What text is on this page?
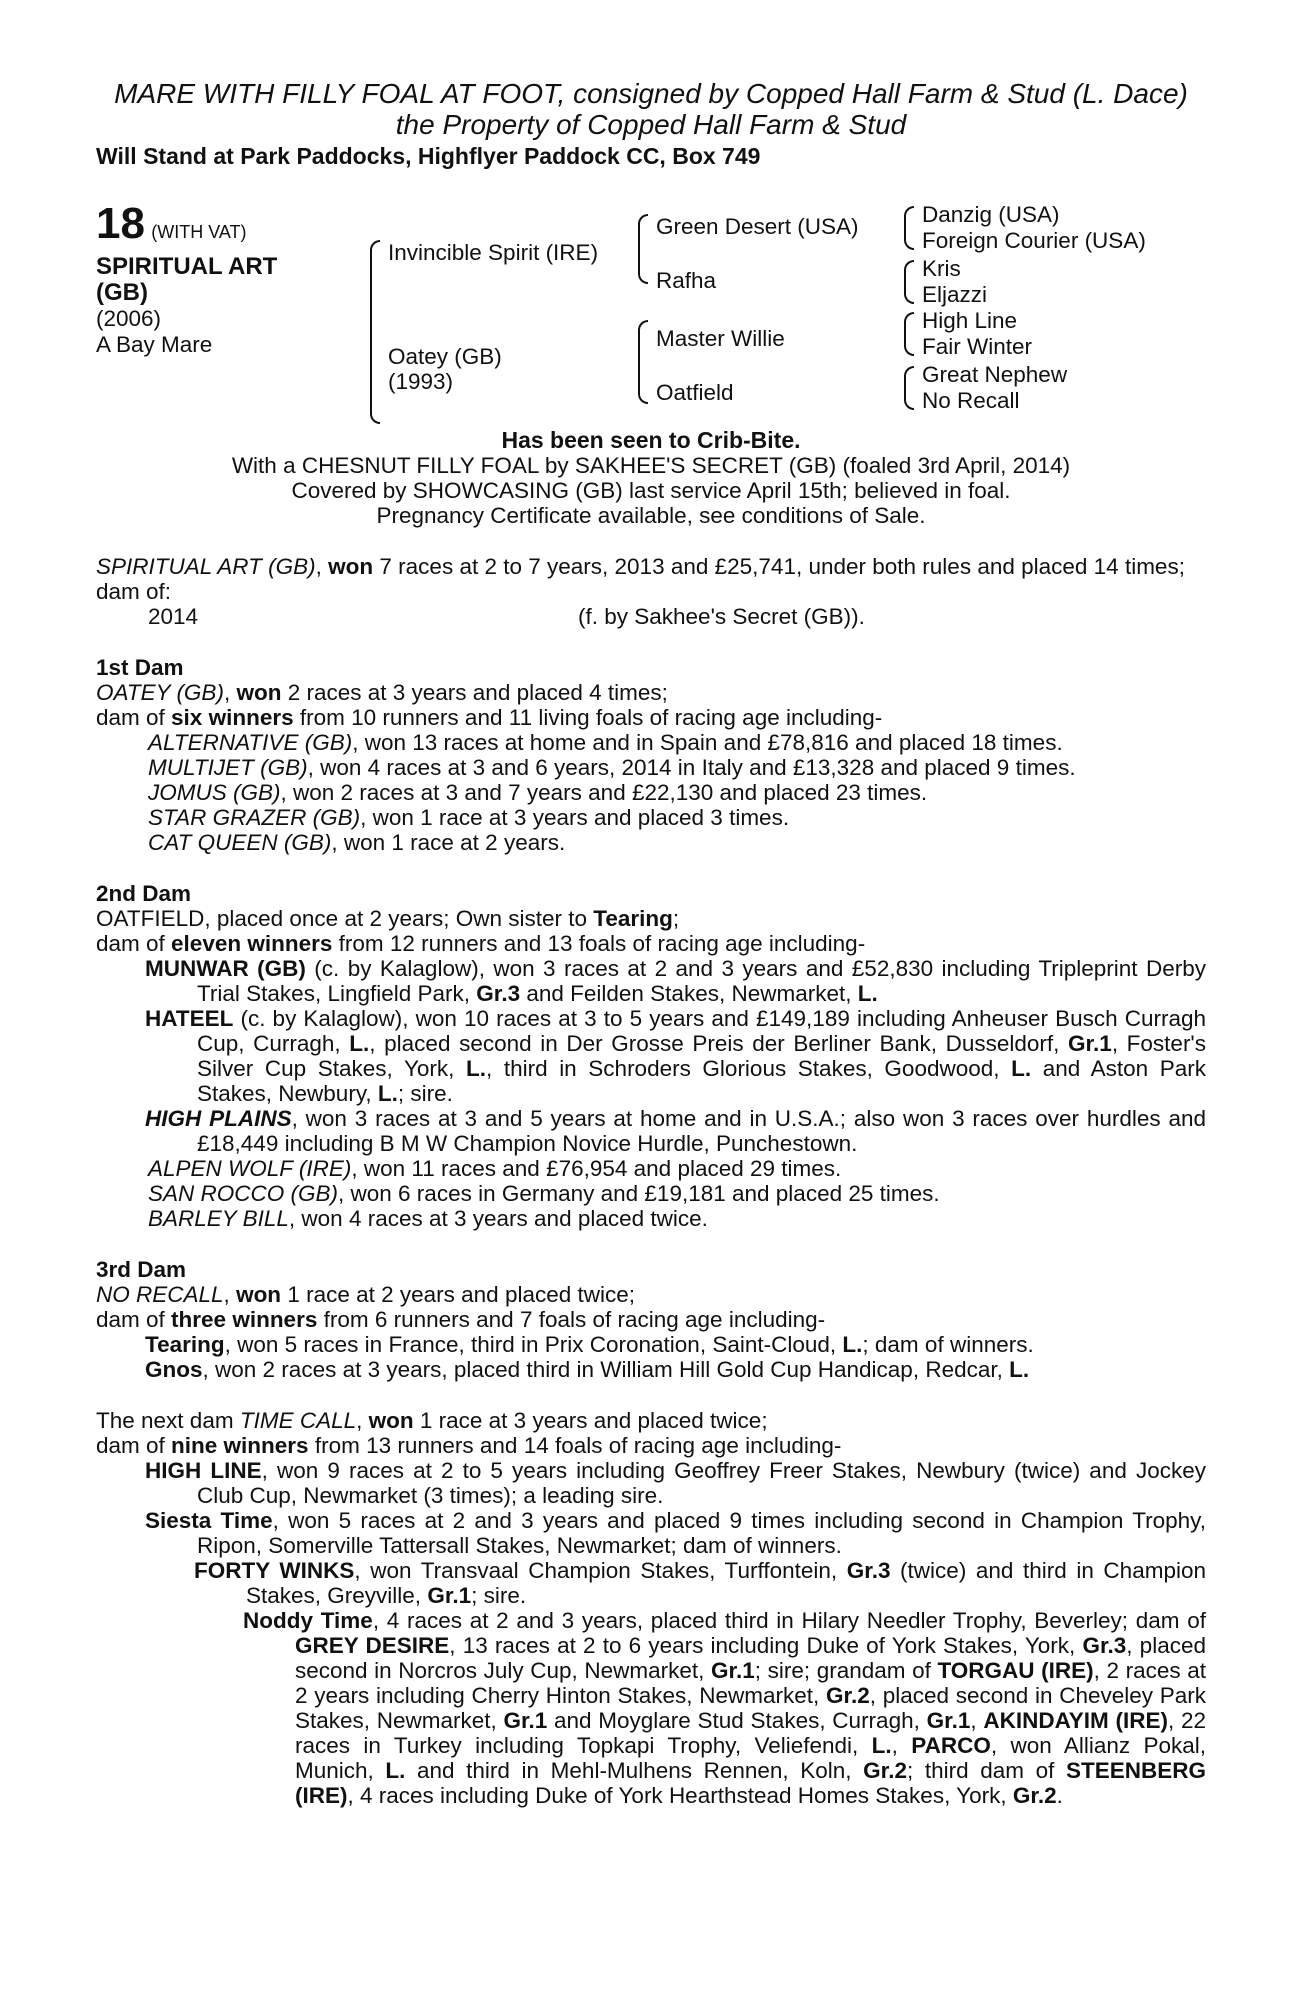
MARE WITH FILLY FOAL AT FOOT, consigned by Copped Hall Farm & Stud (L. Dace)
the Property of Copped Hall Farm & Stud
Will Stand at Park Paddocks, Highflyer Paddock CC, Box 749
18 (WITH VAT)
SPIRITUAL ART
(GB)
(2006)
A Bay Mare
Invincible Spirit (IRE)
Oatey (GB)
(1993)
Green Desert (USA)
Rafha
Master Willie
Oatfield
Danzig (USA)
Foreign Courier (USA)
Kris
Eljazzi
High Line
Fair Winter
Great Nephew
No Recall
Has been seen to Crib-Bite.
With a CHESNUT FILLY FOAL by SAKHEE'S SECRET (GB) (foaled 3rd April, 2014)
Covered by SHOWCASING (GB) last service April 15th; believed in foal.
Pregnancy Certificate available, see conditions of Sale.
SPIRITUAL ART (GB), won 7 races at 2 to 7 years, 2013 and £25,741, under both rules and placed 14 times;
dam of:
2014	(f. by Sakhee's Secret (GB)).
1st Dam
OATEY (GB), won 2 races at 3 years and placed 4 times;
dam of six winners from 10 runners and 11 living foals of racing age including-
ALTERNATIVE (GB), won 13 races at home and in Spain and £78,816 and placed 18 times.
MULTIJET (GB), won 4 races at 3 and 6 years, 2014 in Italy and £13,328 and placed 9 times.
JOMUS (GB), won 2 races at 3 and 7 years and £22,130 and placed 23 times.
STAR GRAZER (GB), won 1 race at 3 years and placed 3 times.
CAT QUEEN (GB), won 1 race at 2 years.
2nd Dam
OATFIELD, placed once at 2 years; Own sister to Tearing;
dam of eleven winners from 12 runners and 13 foals of racing age including-
MUNWAR (GB) (c. by Kalaglow), won 3 races at 2 and 3 years and £52,830 including Tripleprint Derby Trial Stakes, Lingfield Park, Gr.3 and Feilden Stakes, Newmarket, L.
HATEEL (c. by Kalaglow), won 10 races at 3 to 5 years and £149,189 including Anheuser Busch Curragh Cup, Curragh, L., placed second in Der Grosse Preis der Berliner Bank, Dusseldorf, Gr.1, Foster's Silver Cup Stakes, York, L., third in Schroders Glorious Stakes, Goodwood, L. and Aston Park Stakes, Newbury, L.; sire.
HIGH PLAINS, won 3 races at 3 and 5 years at home and in U.S.A.; also won 3 races over hurdles and £18,449 including B M W Champion Novice Hurdle, Punchestown.
ALPEN WOLF (IRE), won 11 races and £76,954 and placed 29 times.
SAN ROCCO (GB), won 6 races in Germany and £19,181 and placed 25 times.
BARLEY BILL, won 4 races at 3 years and placed twice.
3rd Dam
NO RECALL, won 1 race at 2 years and placed twice;
dam of three winners from 6 runners and 7 foals of racing age including-
Tearing, won 5 races in France, third in Prix Coronation, Saint-Cloud, L.; dam of winners.
Gnos, won 2 races at 3 years, placed third in William Hill Gold Cup Handicap, Redcar, L.
The next dam TIME CALL, won 1 race at 3 years and placed twice;
dam of nine winners from 13 runners and 14 foals of racing age including-
HIGH LINE, won 9 races at 2 to 5 years including Geoffrey Freer Stakes, Newbury (twice) and Jockey Club Cup, Newmarket (3 times); a leading sire.
Siesta Time, won 5 races at 2 and 3 years and placed 9 times including second in Champion Trophy, Ripon, Somerville Tattersall Stakes, Newmarket; dam of winners.
FORTY WINKS, won Transvaal Champion Stakes, Turffontein, Gr.3 (twice) and third in Champion Stakes, Greyville, Gr.1; sire.
Noddy Time, 4 races at 2 and 3 years, placed third in Hilary Needler Trophy, Beverley; dam of GREY DESIRE, 13 races at 2 to 6 years including Duke of York Stakes, York, Gr.3, placed second in Norcros July Cup, Newmarket, Gr.1; sire; grandam of TORGAU (IRE), 2 races at 2 years including Cherry Hinton Stakes, Newmarket, Gr.2, placed second in Cheveley Park Stakes, Newmarket, Gr.1 and Moyglare Stud Stakes, Curragh, Gr.1, AKINDAYIM (IRE), 22 races in Turkey including Topkapi Trophy, Veliefendi, L., PARCO, won Allianz Pokal, Munich, L. and third in Mehl-Mulhens Rennen, Koln, Gr.2; third dam of STEENBERG (IRE), 4 races including Duke of York Hearthstead Homes Stakes, York, Gr.2.
